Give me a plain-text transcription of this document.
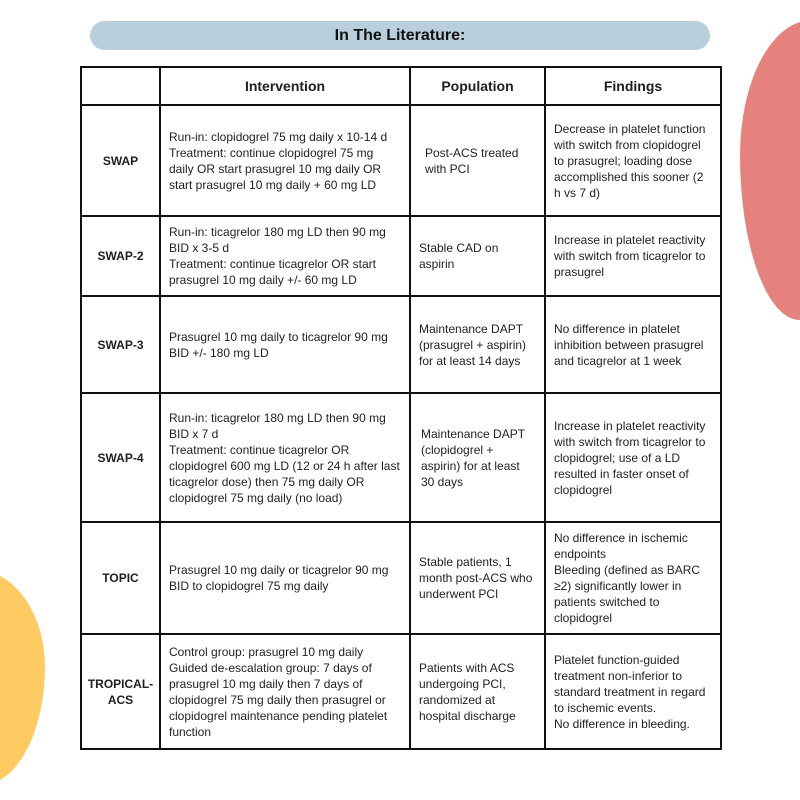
In The Literature:
	Intervention	Population	Findings
SWAP	Run-in: clopidogrel 75 mg daily x 10-14 d
Treatment: continue clopidogrel 75 mg daily OR start prasugrel 10 mg daily OR start prasugrel 10 mg daily + 60 mg LD	Post-ACS treated with PCI	Decrease in platelet function with switch from clopidogrel to prasugrel; loading dose accomplished this sooner (2 h vs 7 d)

SWAP-2	Run-in: ticagrelor 180 mg LD then 90 mg BID x 3-5 d
Treatment: continue ticagrelor OR start prasugrel 10 mg daily +/- 60 mg LD	Stable CAD on aspirin	Increase in platelet reactivity with switch from ticagrelor to prasugrel

SWAP-3	Prasugrel 10 mg daily to ticagrelor 90 mg BID +/- 180 mg LD	Maintenance DAPT (prasugrel + aspirin) for at least 14 days	No difference in platelet inhibition between prasugrel and ticagrelor at 1 week

SWAP-4	Run-in: ticagrelor 180 mg LD then 90 mg BID x 7 d
Treatment: continue ticagrelor OR clopidogrel 600 mg LD (12 or 24 h after last ticagrelor dose) then 75 mg daily OR clopidogrel 75 mg daily (no load)	Maintenance DAPT (clopidogrel + aspirin) for at least 30 days	Increase in platelet reactivity with switch from ticagrelor to clopidogrel; use of a LD resulted in faster onset of clopidogrel

TOPIC	Prasugrel 10 mg daily or ticagrelor 90 mg BID to clopidogrel 75 mg daily	Stable patients, 1 month post-ACS who underwent PCI	No difference in ischemic endpoints
Bleeding (defined as BARC ≥2) significantly lower in patients switched to clopidogrel

TROPICAL-ACS	Control group: prasugrel 10 mg daily
Guided de-escalation group: 7 days of prasugrel 10 mg daily then 7 days of clopidogrel 75 mg daily then prasugrel or clopidogrel maintenance pending platelet function	Patients with ACS undergoing PCI, randomized at hospital discharge	Platelet function-guided treatment non-inferior to standard treatment in regard to ischemic events.
No difference in bleeding.
